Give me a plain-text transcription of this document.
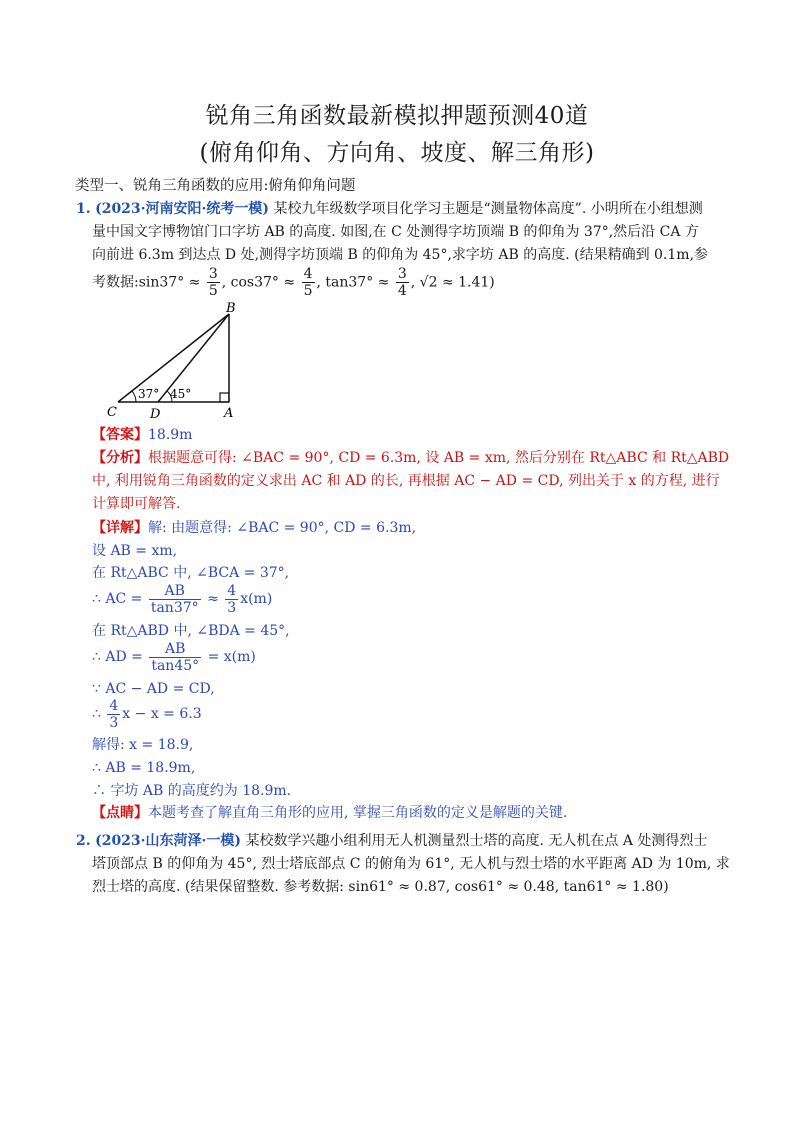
锐角三角函数最新模拟押题预测40道
(俯角仰角、方向角、坡度、解三角形)
类型一、锐角三角函数的应用:俯角仰角问题
1. (2023·河南安阳·统考一模) 某校九年级数学项目化学习主题是“测量物体高度”. 小明所在小组想测
量中国文字博物馆门口字坊 AB 的高度. 如图,在 C 处测得字坊顶端 B 的仰角为 37°,然后沿 CA 方
向前进 6.3m 到达点 D 处,测得字坊顶端 B 的仰角为 45°,求字坊 AB 的高度. (结果精确到 0.1m,参
考数据:sin37° ≈ $\frac{3}{5}$ , $\cos 37^\circ \approx \frac{4}{5}$ , $\tan 37^\circ \approx \frac{3}{4}$ , √2 ≈ 1.41)
B
C	D	A
37° 45°
【答案】18.9m
【分析】根据题意可得: ∠BAC = 90°, CD = 6.3m, 设 AB = xm, 然后分别在 Rt△ABC 和 Rt△ABD
中, 利用锐角三角函数的定义求出 AC 和 AD 的长, 再根据 AC − AD = CD, 列出关于 x 的方程, 进行
计算即可解答.
【详解】解: 由题意得: ∠BAC = 90°, CD = 6.3m,
设 AB = xm,
在 Rt△ABC 中, ∠BCA = 37°,
∴ AC = $\frac{AB}{\tan 37^\circ} \approx \frac{4}{3} x(m)$
在 Rt△ABD 中, ∠BDA = 45°,
∴ AD = $\frac{AB}{\tan 45^\circ} = x(m)$
∵ AC − AD = CD,
∴ $\frac{4}{3}$ x − x = 6.3
解得: x = 18.9,
∴ AB = 18.9m,
∴ 字坊 AB 的高度约为 18.9m.
【点睛】本题考查了解直角三角形的应用, 掌握三角函数的定义是解题的关键.
2. (2023·山东菏泽·一模) 某校数学兴趣小组利用无人机测量烈士塔的高度. 无人机在点 A 处测得烈士
塔顶部点 B 的仰角为 45°, 烈士塔底部点 C 的俯角为 61°, 无人机与烈士塔的水平距离 AD 为 10m, 求
烈士塔的高度. (结果保留整数. 参考数据: sin61° ≈ 0.87, cos61° ≈ 0.48, tan61° ≈ 1.80)
